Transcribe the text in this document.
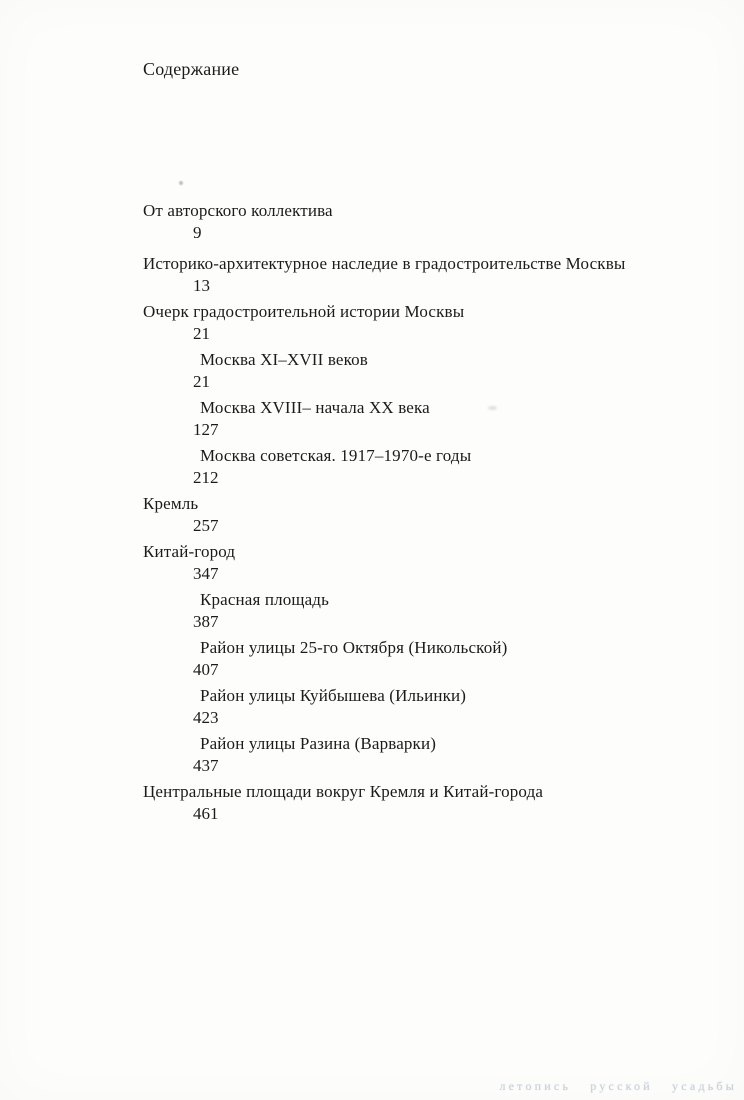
Содержание
От авторского коллектива
9
Историко-архитектурное наследие в градостроительстве Москвы
13
Очерк градостроительной истории Москвы
21
Москва XI–XVII веков
21
Москва XVIII– начала XX века
127
Москва советская. 1917–1970-е годы
212
Кремль
257
Китай-город
347
Красная площадь
387
Район улицы 25-го Октября (Никольской)
407
Район улицы Куйбышева (Ильинки)
423
Район улицы Разина (Варварки)
437
Центральные площади вокруг Кремля и Китай-города
461
летопись русской усадьбы
